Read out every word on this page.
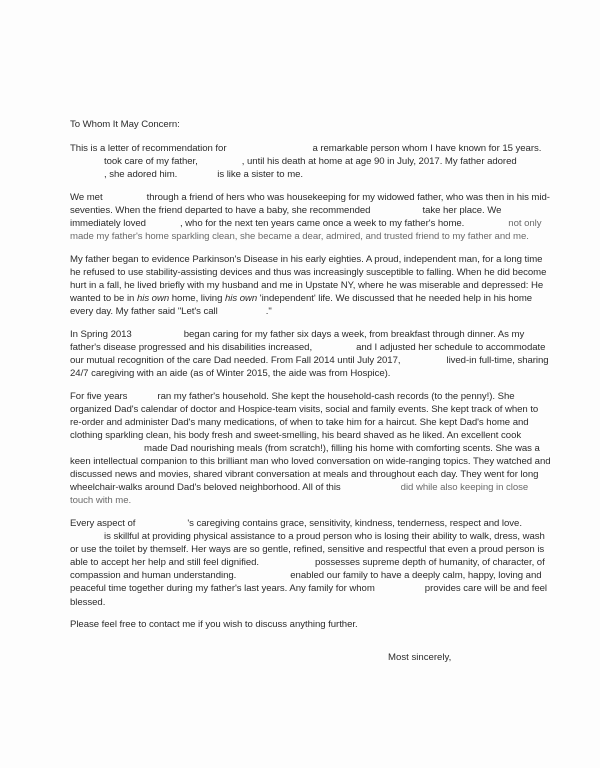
To Whom It May Concern:

This is a letter of recommendation for	a remarkable person whom I have known for 15 years.
took care of my father,	, until his death at home at age 90 in July, 2017. My father adored
, she adored him.	is like a sister to me.

We met	through a friend of hers who was housekeeping for my widowed father, who was then in his mid-seventies. When the friend departed to have a baby, she recommended	take her place. We immediately loved	, who for the next ten years came once a week to my father's home.	not only made my father's home sparkling clean, she became a dear, admired, and trusted friend to my father and me.

My father began to evidence Parkinson's Disease in his early eighties. A proud, independent man, for a long time he refused to use stability-assisting devices and thus was increasingly susceptible to falling. When he did become hurt in a fall, he lived briefly with my husband and me in Upstate NY, where he was miserable and depressed: He wanted to be in his own home, living his own 'independent' life. We discussed that he needed help in his home every day. My father said "Let's call	."

In Spring 2013	began caring for my father six days a week, from breakfast through dinner. As my father's disease progressed and his disabilities increased,	and I adjusted her schedule to accommodate our mutual recognition of the care Dad needed. From Fall 2014 until July 2017,	lived-in full-time, sharing 24/7 caregiving with an aide (as of Winter 2015, the aide was from Hospice).

For five years	ran my father's household. She kept the household-cash records (to the penny!). She organized Dad's calendar of doctor and Hospice-team visits, social and family events. She kept track of when to re-order and administer Dad's many medications, of when to take him for a haircut. She kept Dad's home and clothing sparkling clean, his body fresh and sweet-smelling, his beard shaved as he liked. An excellent cookmade Dad nourishing meals (from scratch!), filling his home with comforting scents. She was a keen intellectual companion to this brilliant man who loved conversation on wide-ranging topics. They watched and discussed news and movies, shared vibrant conversation at meals and throughout each day. They went for long wheelchair-walks around Dad's beloved neighborhood. All of this	did while also keeping in close touch with me.

Every aspect of	's caregiving contains grace, sensitivity, kindness, tenderness, respect and love.is skillful at providing physical assistance to a proud person who is losing their ability to walk, dress, wash or use the toilet by themself. Her ways are so gentle, refined, sensitive and respectful that even a proud person is able to accept her help and still feel dignified.	possesses supreme depth of humanity, of character, of compassion and human understanding.	enabled our family to have a deeply calm, happy, loving and peaceful time together during my father's last years. Any family for whom	provides care will be and feel blessed.

Please feel free to contact me if you wish to discuss anything further.

Most sincerely,
